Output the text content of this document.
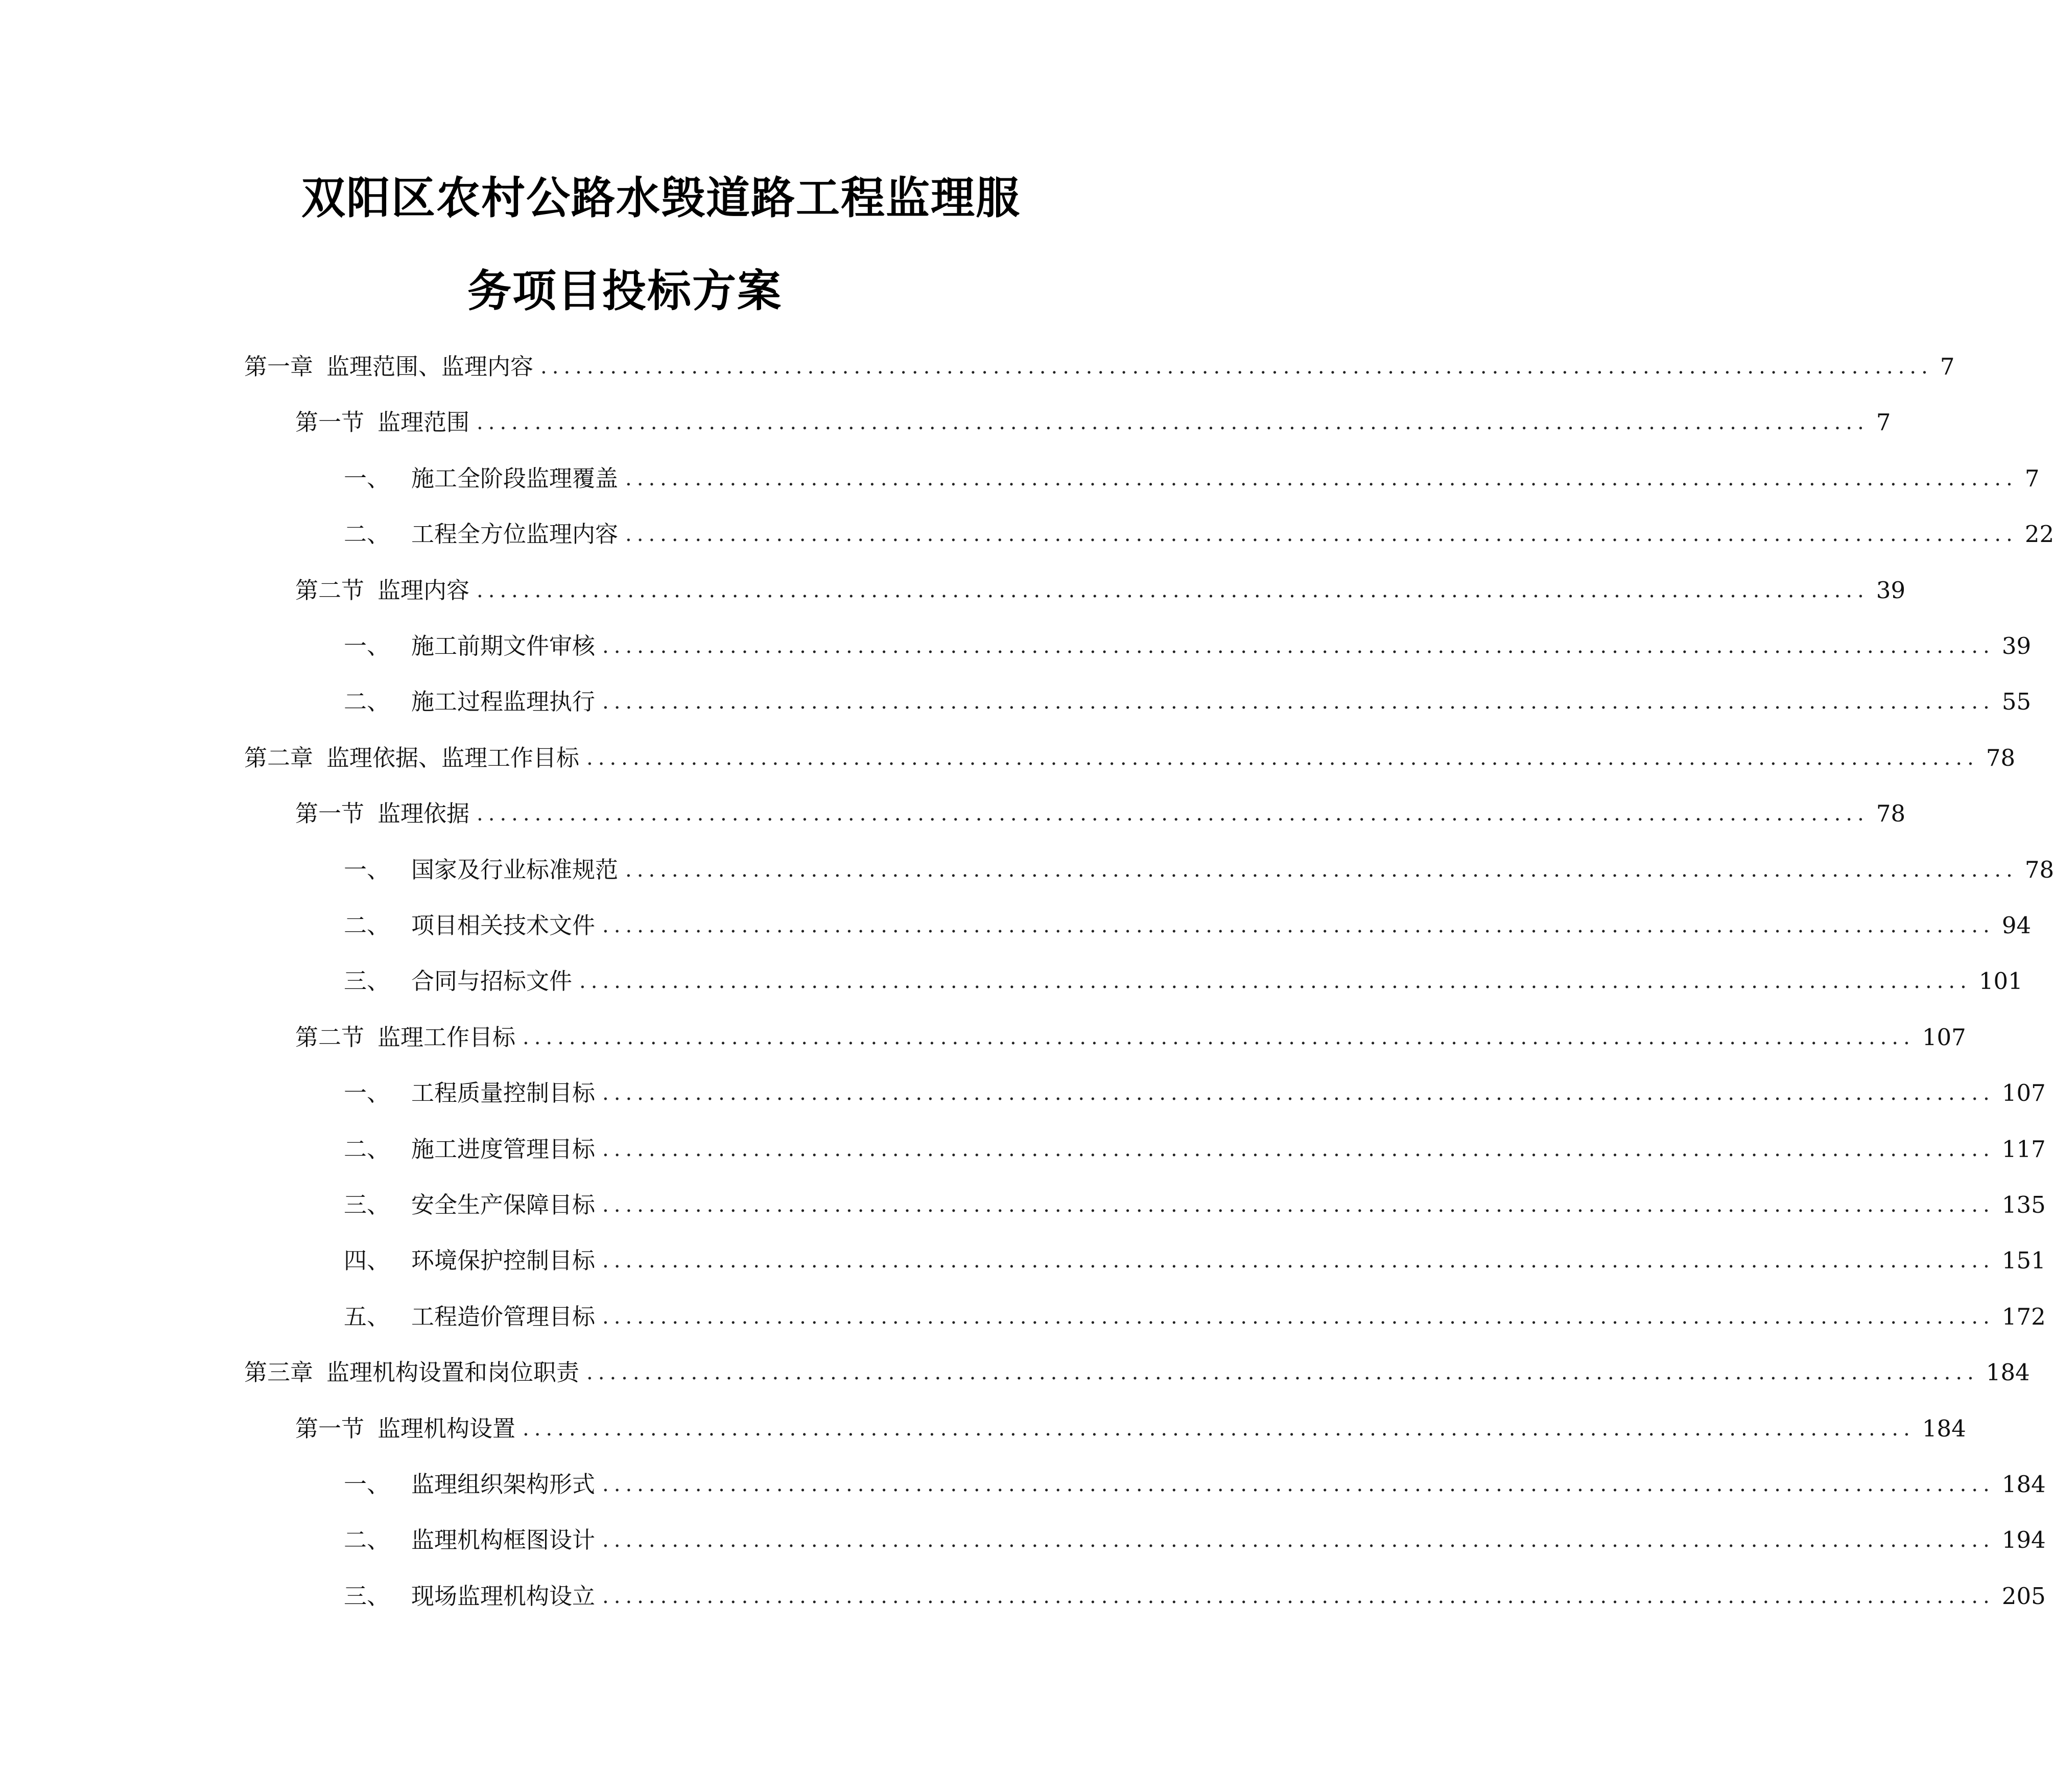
双阳区农村公路水毁道路工程监理服
务项目投标方案
第一章 监理范围、监理内容 ........................................................................................................................ 7
第一节 监理范围 ........................................................................................................................ 7
一、 施工全阶段监理覆盖 ........................................................................................................................ 7
二、 工程全方位监理内容 ........................................................................................................................ 22
第二节 监理内容 ........................................................................................................................ 39
一、 施工前期文件审核 ........................................................................................................................ 39
二、 施工过程监理执行 ........................................................................................................................ 55
第二章 监理依据、监理工作目标 ........................................................................................................................ 78
第一节 监理依据 ........................................................................................................................ 78
一、 国家及行业标准规范 ........................................................................................................................ 78
二、 项目相关技术文件 ........................................................................................................................ 94
三、 合同与招标文件 ........................................................................................................................ 101
第二节 监理工作目标 ........................................................................................................................ 107
一、 工程质量控制目标 ........................................................................................................................ 107
二、 施工进度管理目标 ........................................................................................................................ 117
三、 安全生产保障目标 ........................................................................................................................ 135
四、 环境保护控制目标 ........................................................................................................................ 151
五、 工程造价管理目标 ........................................................................................................................ 172
第三章 监理机构设置和岗位职责 ........................................................................................................................ 184
第一节 监理机构设置 ........................................................................................................................ 184
一、 监理组织架构形式 ........................................................................................................................ 184
二、 监理机构框图设计 ........................................................................................................................ 194
三、 现场监理机构设立 ........................................................................................................................ 205
